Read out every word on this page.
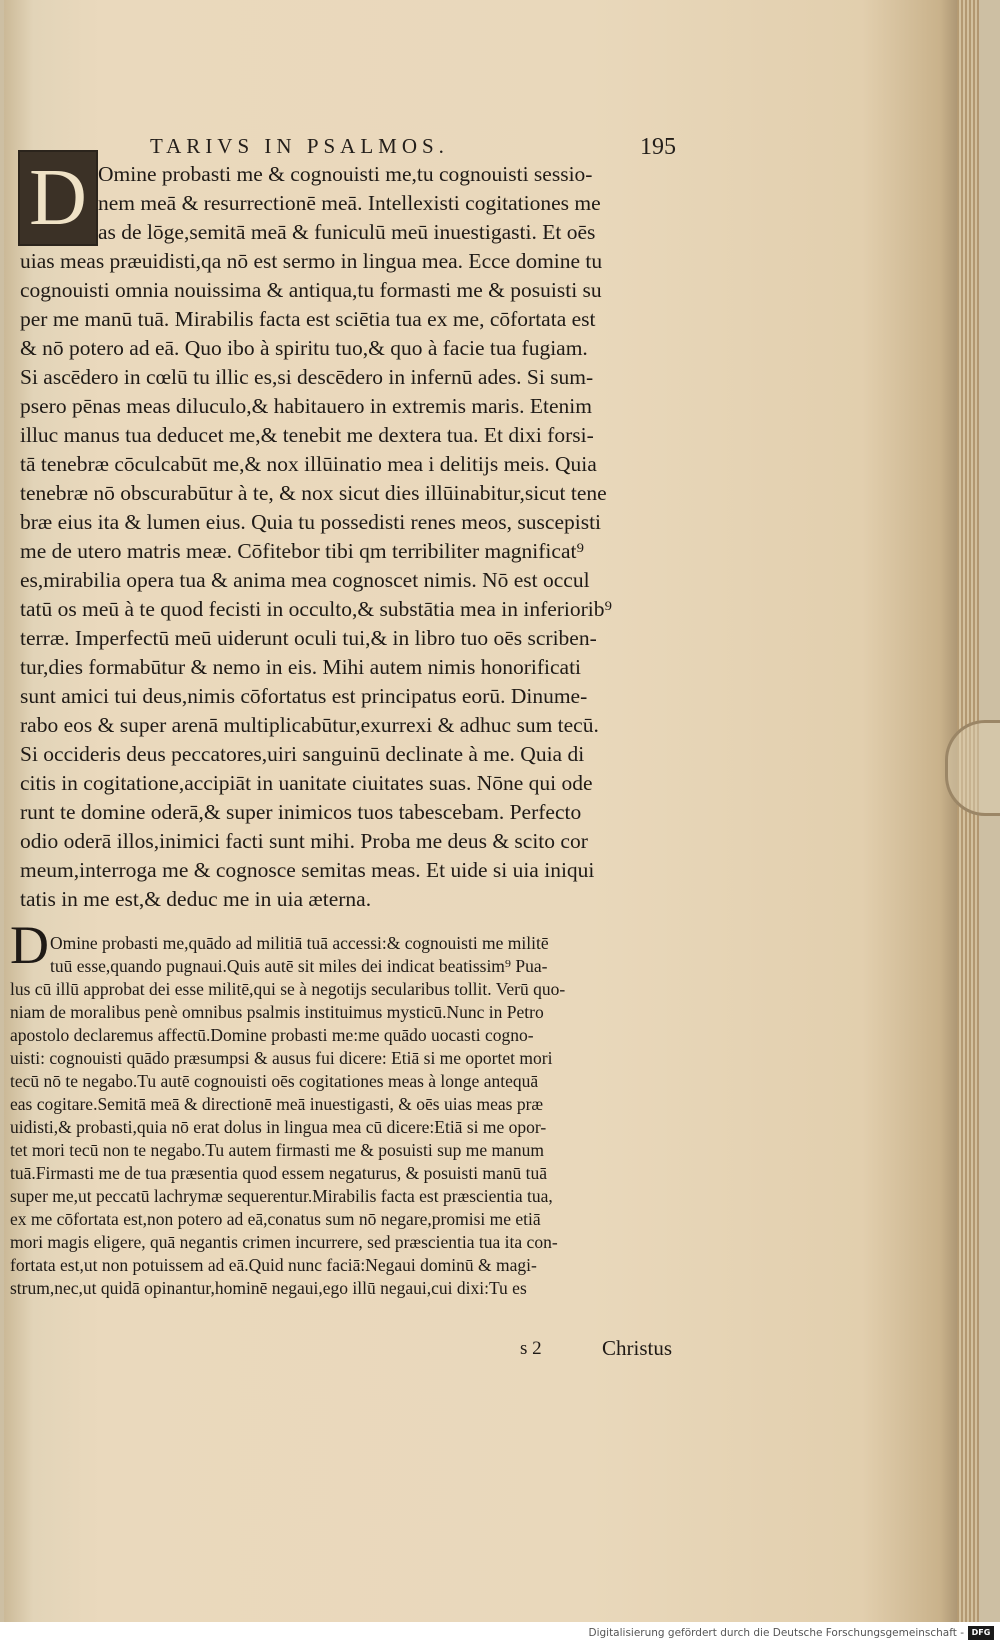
TARIVS IN PSALMOS.	195
D Omine probasti me & cognouisti me,tu cognouisti sessio-
nem meā & resurrectionē meā. Intellexisti cogitationes me
as de lōge,semitā meā & funiculū meū inuestigasti. Et oēs
uias meas præuidisti,qa nō est sermo in lingua mea. Ecce domine tu
cognouisti omnia nouissima & antiqua,tu formasti me & posuisti su
per me manū tuā. Mirabilis facta est sciētia tua ex me, cōfortata est
& nō potero ad eā. Quo ibo à spiritu tuo,& quo à facie tua fugiam.
Si ascēdero in cœlū tu illic es,si descēdero in infernū ades. Si sum-
psero pēnas meas diluculo,& habitauero in extremis maris. Etenim
illuc manus tua deducet me,& tenebit me dextera tua. Et dixi forsi-
tā tenebræ cōculcabūt me,& nox illūinatio mea i delitijs meis. Quia
tenebræ nō obscurabūtur à te, & nox sicut dies illūinabitur,sicut tene
bræ eius ita & lumen eius. Quia tu possedisti renes meos, suscepisti
me de utero matris meæ. Cōfitebor tibi qm terribiliter magnificat⁹
es,mirabilia opera tua & anima mea cognoscet nimis. Nō est occul
tatū os meū à te quod fecisti in occulto,& substātia mea in inferiorib⁹
terræ. Imperfectū meū uiderunt oculi tui,& in libro tuo oēs scriben-
tur,dies formabūtur & nemo in eis. Mihi autem nimis honorificati
sunt amici tui deus,nimis cōfortatus est principatus eorū. Dinume-
rabo eos & super arenā multiplicabūtur,exurrexi & adhuc sum tecū.
Si occideris deus peccatores,uiri sanguinū declinate à me. Quia di
citis in cogitatione,accipiāt in uanitate ciuitates suas. Nōne qui ode
runt te domine oderā,& super inimicos tuos tabescebam. Perfecto
odio oderā illos,inimici facti sunt mihi. Proba me deus & scito cor
meum,interroga me & cognosce semitas meas. Et uide si uia iniqui
tatis in me est,& deduc me in uia æterna.
D Omine probasti me,quādo ad militiā tuā accessi:& cognouisti me militē
tuū esse,quando pugnaui.Quis autē sit miles dei indicat beatissim⁹ Pua-
lus cū illū approbat dei esse militē,qui se à negotijs secularibus tollit. Verū quo-
niam de moralibus penè omnibus psalmis instituimus mysticū.Nunc in Petro
apostolo declaremus affectū.Domine probasti me:me quādo uocasti cogno-
uisti: cognouisti quādo præsumpsi & ausus fui dicere: Etiā si me oportet mori
tecū nō te negabo.Tu autē cognouisti oēs cogitationes meas à longe antequā
eas cogitare.Semitā meā & directionē meā inuestigasti, & oēs uias meas præ
uidisti,& probasti,quia nō erat dolus in lingua mea cū dicere:Etiā si me opor-
tet mori tecū non te negabo.Tu autem firmasti me & posuisti sup me manum
tuā.Firmasti me de tua præsentia quod essem negaturus, & posuisti manū tuā
super me,ut peccatū lachrymæ sequerentur.Mirabilis facta est præscientia tua,
ex me cōfortata est,non potero ad eā,conatus sum nō negare,promisi me etiā
mori magis eligere, quā negantis crimen incurrere, sed præscientia tua ita con-
fortata est,ut non potuissem ad eā.Quid nunc faciā:Negaui dominū & magi-
strum,nec,ut quidā opinantur,hominē negaui,ego illū negaui,cui dixi:Tu es
s 2	Christus
Digitalisierung gefördert durch die Deutsche Forschungsgemeinschaft - DFG
